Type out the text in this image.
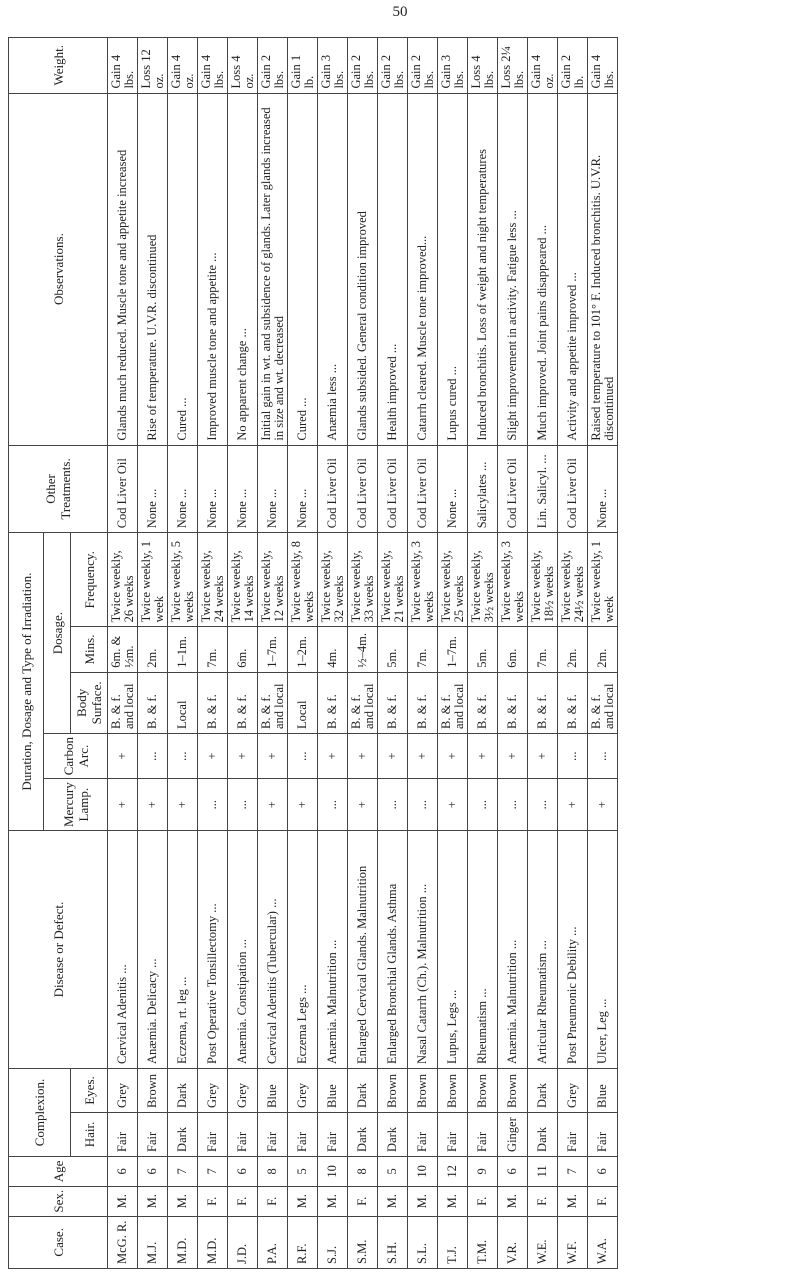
50
Case.	Sex.	Age	Complexion.		Disease or Defect.	Duration, Dosage and Type of Irradiation.					Other Treatments.	Observations.	Weight.
						Mercury Lamp.	Carbon Arc.	Dosage.					
			Hair.	Eyes.				Body Surface.	Mins.	Frequency.			
McG. R.	M.	6	Fair	Grey	Cervical Adenitis ...	+	+	B. & f. and local	6m. & ½m.	Twice weekly, 26 weeks	Cod Liver Oil	Glands much reduced. Muscle tone and appetite increased	Gain 4 lbs.
M.J.	M.	6	Fair	Brown	Anæmia. Delicacy ...	+	...	B. & f.	2m.	Twice weekly, 1 week	None ...	Rise of temperature. U.V.R. discontinued	Loss 12 oz.
M.D.	M.	7	Dark	Dark	Eczema, rt. leg ...	+	...	Local	1–1m.	Twice weekly, 5 weeks	None ...	Cured ...	Gain 4 oz.
M.D.	F.	7	Fair	Grey	Post Operative Tonsillectomy ...	...	+	B. & f.	7m.	Twice weekly, 24 weeks	None ...	Improved muscle tone and appetite ...	Gain 4 lbs.
J.D.	F.	6	Fair	Grey	Anæmia. Constipation ...	...	+	B. & f.	6m.	Twice weekly, 14 weeks	None ...	No apparent change ...	Loss 4 oz.
P.A.	F.	8	Fair	Blue	Cervical Adenitis (Tubercular) ...	+	+	B. & f. and local	1–7m.	Twice weekly, 12 weeks	None ...	Initial gain in wt. and subsidence of glands. Later glands increased in size and wt. decreased	Gain 2 lbs.
R.F.	M.	5	Fair	Grey	Eczema Legs ...	+	...	Local	1–2m.	Twice weekly, 8 weeks	None ...	Cured ...	Gain 1 lb.
S.J.	M.	10	Fair	Blue	Anæmia. Malnutrition ...	...	+	B. & f.	4m.	Twice weekly, 32 weeks	Cod Liver Oil	Anæmia less ...	Gain 3 lbs.
S.M.	F.	8	Dark	Dark	Enlarged Cervical Glands. Malnutrition	+	+	B. & f. and local	½–4m.	Twice weekly, 33 weeks	Cod Liver Oil	Glands subsided. General condition improved	Gain 2 lbs.
S.H.	M.	5	Dark	Brown	Enlarged Bronchial Glands. Asthma	...	+	B. & f.	5m.	Twice weekly, 21 weeks	Cod Liver Oil	Health improved ...	Gain 2 lbs.
S.L.	M.	10	Fair	Brown	Nasal Catarrh (Ch.). Malnutrition ...	...	+	B. & f.	7m.	Twice weekly, 3 weeks	Cod Liver Oil	Catarrh cleared. Muscle tone improved...	Gain 2 lbs.
T.J.	M.	12	Fair	Brown	Lupus, Legs ...	+	+	B. & f. and local	1–7m.	Twice weekly, 25 weeks	None ...	Lupus cured ...	Gain 3 lbs.
T.M.	F.	9	Fair	Brown	Rheumatism ...	...	+	B. & f.	5m.	Twice weekly, 3½ weeks	Salicylates ...	Induced bronchitis. Loss of weight and night temperatures	Loss 4 lbs.
V.R.	M.	6	Ginger	Brown	Anæmia. Malnutrition ...	...	+	B. & f.	6m.	Twice weekly, 3 weeks	Cod Liver Oil	Slight improvement in activity. Fatigue less ...	Loss 2¼ lbs.
W.E.	F.	11	Dark	Dark	Articular Rheumatism ...	...	+	B. & f.	7m.	Twice weekly, 18½ weeks	Lin. Salicyl. ...	Much improved. Joint pains disappeared ...	Gain 4 oz.
W.F.	M.	7	Fair	Grey	Post Pneumonic Debility ...	+	...	B. & f.	2m.	Twice weekly, 24½ weeks	Cod Liver Oil	Activity and appetite improved ...	Gain 2 lb.
W.A.	F.	6	Fair	Blue	Ulcer, Leg ...	+	...	B. & f. and local	2m.	Twice weekly, 1 week	None ...	Raised temperature to 101° F. Induced bronchitis. U.V.R. discontinued	Gain 4 lbs.
